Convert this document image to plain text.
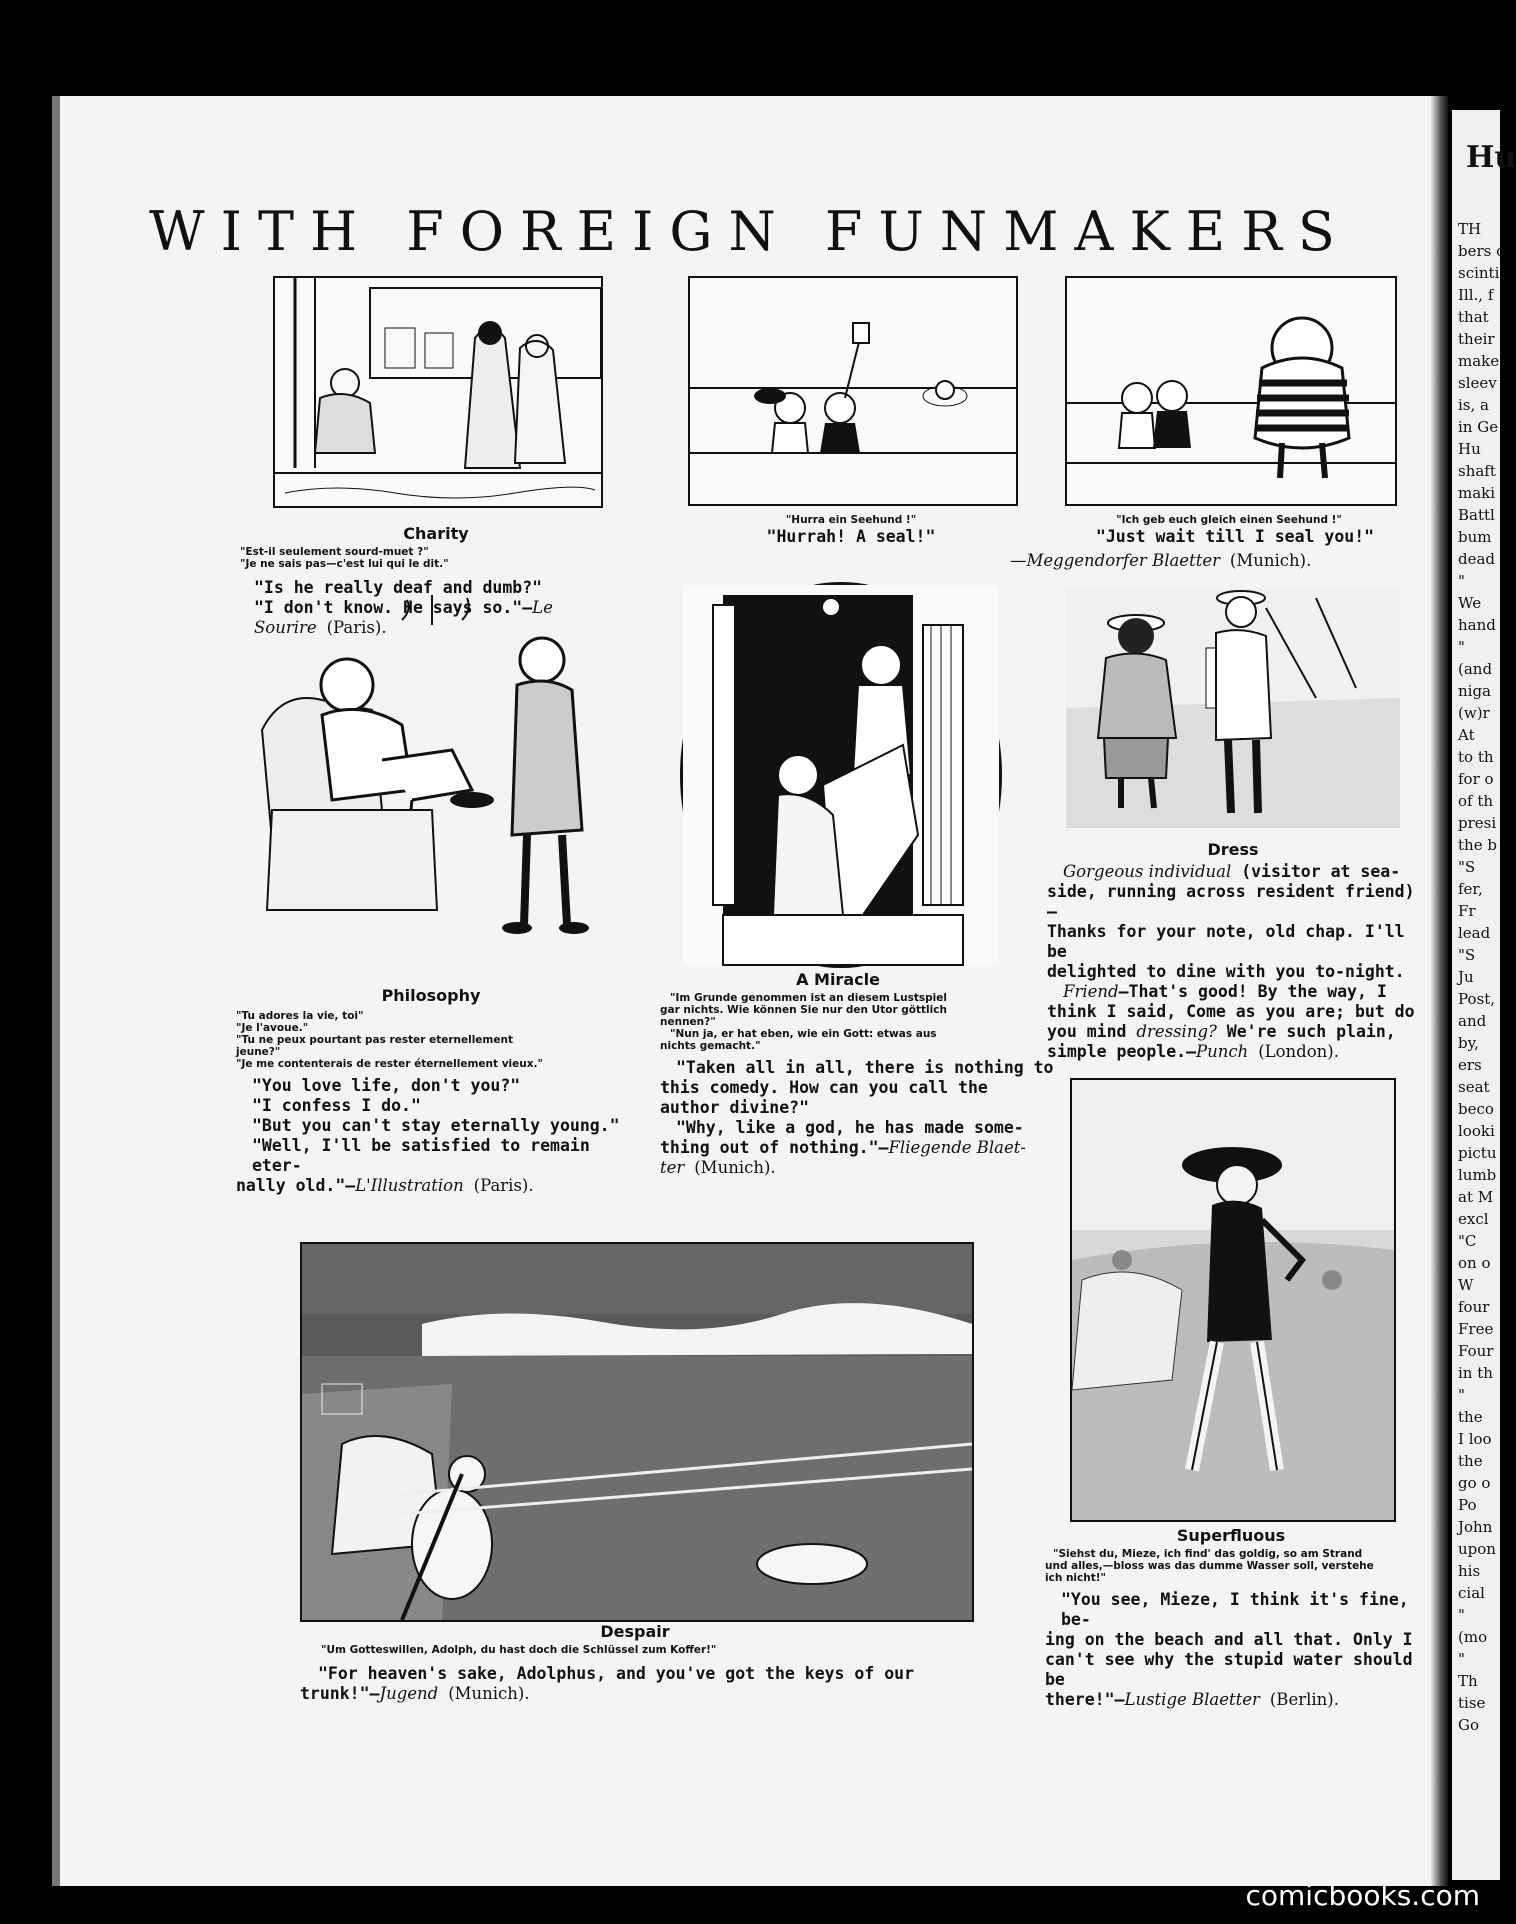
Hu
TH
bers c
scinti
Ill., f
that
their
make
sleev
is, a
in Ge
Hu
shaft
maki
Battl
bum
dead
"
We
hand
"
(and
niga
(w)r
At
to th
for o
of th
presi
the b
"S
fer,
Fr
lead
"S
Ju
Post,
and
by,
ers
seat
beco
looki
pictu
lumb
at M
excl
"C
on o
W
four
Free
Four
in th
"
the
I loo
the
go o
Po
John
upon
his
cial
"
(mo
"
Th
tise
Go
WITH FOREIGN FUNMAKERS
Charity
"Est-il seulement sourd-muet ?"
"Je ne sais pas—c'est lui qui le dit."

"Is he really deaf and dumb?"

"I don't know. He says so."—Le Sourire (Paris).

"Hurra ein Seehund !"
"Hurrah! A seal!"
"Ich geb euch gleich einen Seehund !"
"Just wait till I seal you!"
—Meggendorfer Blaetter (Munich).
Philosophy
"Tu adores la vie, toi"
"Je l'avoue."
"Tu ne peux pourtant pas rester eternellement
jeune?"
"Je me contenterais de rester éternellement vieux."

"You love life, don't you?"

"I confess I do."

"But you can't stay eternally young."

"Well, I'll be satisfied to remain eter-

nally old."—L'Illustration (Paris).

A Miracle
"Im Grunde genommen ist an diesem Lustspiel
gar nichts. Wie können Sie nur den Utor göttlich
nennen?"
"Nun ja, er hat eben, wie ein Gott: etwas aus
nichts gemacht."

"Taken all in all, there is nothing to

this comedy. How can you call the

author divine?"

"Why, like a god, he has made some-

thing out of nothing."—Fliegende Blaet-

ter (Munich).

Dress

Gorgeous individual (visitor at sea-

side, running across resident friend)—

Thanks for your note, old chap. I'll be

delighted to dine with you to-night.

Friend—That's good! By the way, I

think I said, Come as you are; but do

you mind dressing? We're such plain,

simple people.—Punch (London).

Despair
"Um Gotteswillen, Adolph, du hast doch die Schlüssel zum Koffer!"

"For heaven's sake, Adolphus, and you've got the keys of our

trunk!"—Jugend (Munich).

Superfluous
"Siehst du, Mieze, ich find' das goldig, so am Strand
und alles,—bloss was das dumme Wasser soll, verstehe
ich nicht!"

"You see, Mieze, I think it's fine, be-

ing on the beach and all that. Only I

can't see why the stupid water should be

there!"—Lustige Blaetter (Berlin).

comicbooks.com
